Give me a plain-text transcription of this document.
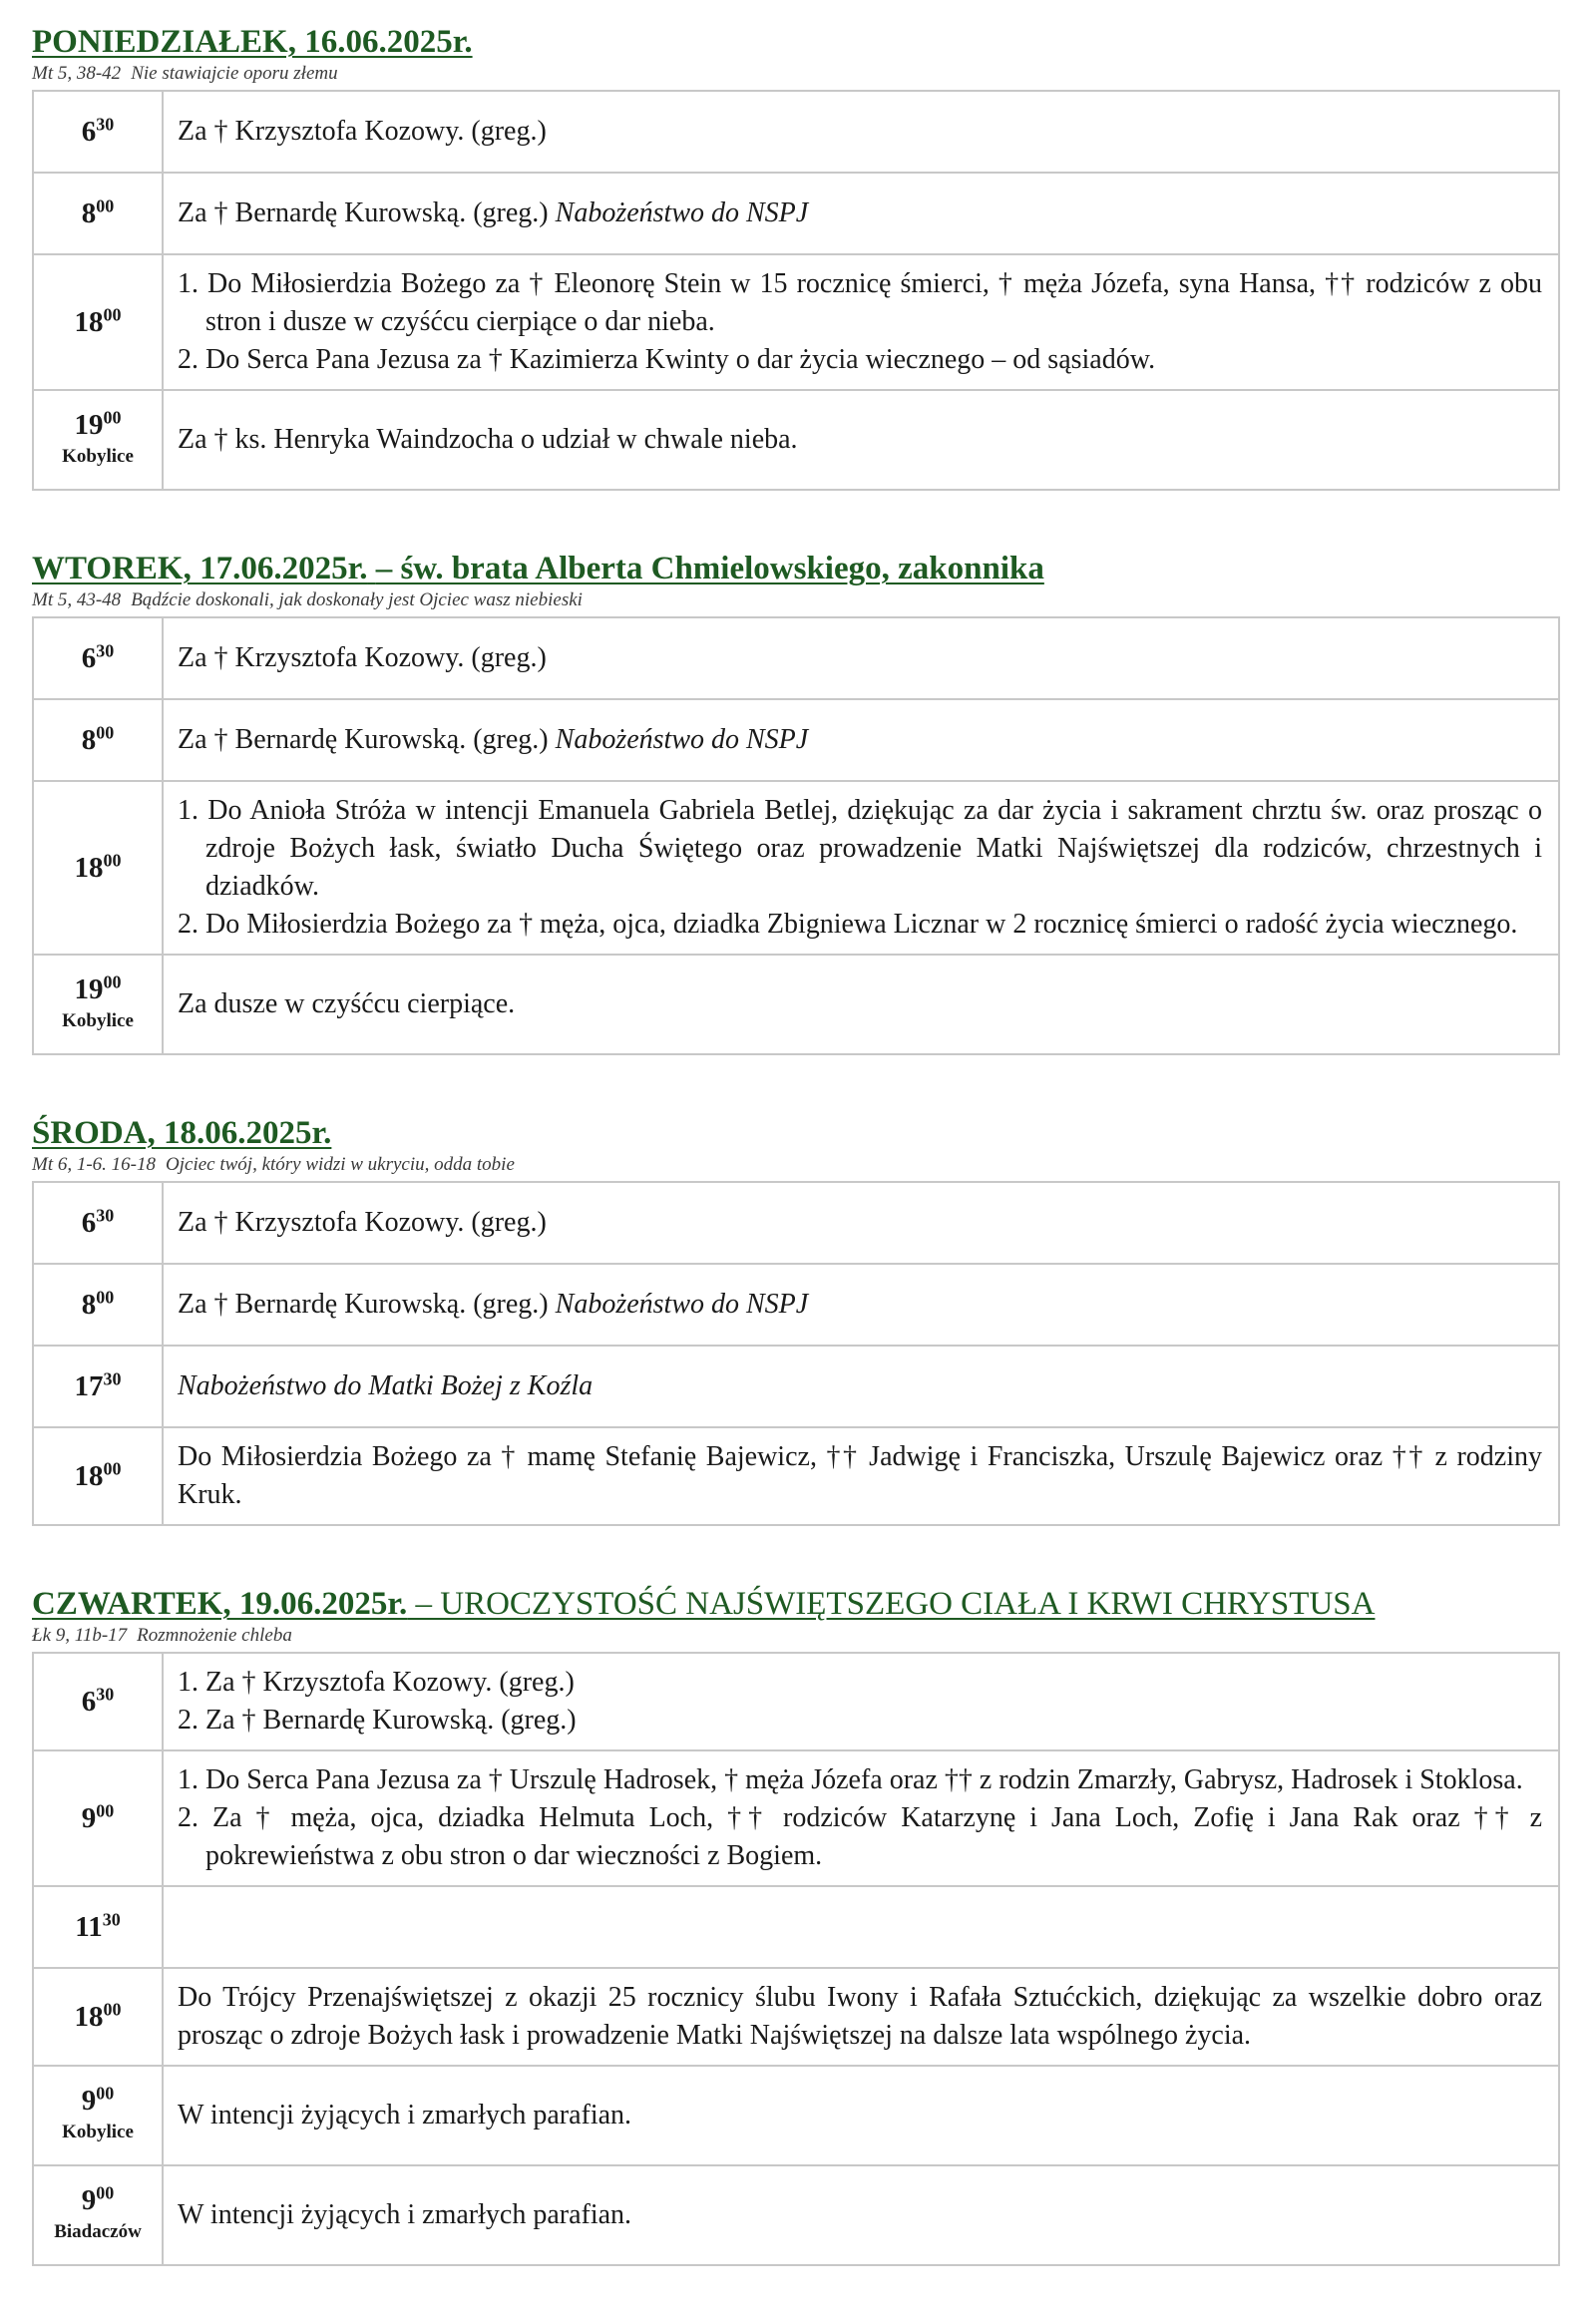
PONIEDZIAŁEK, 16.06.2025r.
Mt 5, 38-42 Nie stawiajcie oporu złemu
$6^{30}$	Za † Krzysztofa Kozowy. (greg.)
$8^{00}$	Za † Bernardę Kurowską. (greg.) Nabożeństwo do NSPJ
$18^{00}$	1. Do Miłosierdzia Bożego za † Eleonorę Stein w 15 rocznicę śmierci, † męża Józefa, syna Hansa, †† rodziców z obu stron i dusze w czyśćcu cierpiące o dar nieba.
2. Do Serca Pana Jezusa za † Kazimierza Kwinty o dar życia wiecznego – od sąsiadów.

$19^{00}$
Kobylice	Za † ks. Henryka Waindzocha o udział w chwale nieba.
WTOREK, 17.06.2025r. – św. brata Alberta Chmielowskiego, zakonnika
Mt 5, 43-48 Bądźcie doskonali, jak doskonały jest Ojciec wasz niebieski
$6^{30}$	Za † Krzysztofa Kozowy. (greg.)
$8^{00}$	Za † Bernardę Kurowską. (greg.) Nabożeństwo do NSPJ
$18^{00}$	1. Do Anioła Stróża w intencji Emanuela Gabriela Betlej, dziękując za dar życia i sakrament chrztu św. oraz prosząc o zdroje Bożych łask, światło Ducha Świętego oraz prowadzenie Matki Najświętszej dla rodziców, chrzestnych i dziadków.
2. Do Miłosierdzia Bożego za † męża, ojca, dziadka Zbigniewa Licznar w 2 rocznicę śmierci o radość życia wiecznego.

$19^{00}$
Kobylice	Za dusze w czyśćcu cierpiące.
ŚRODA, 18.06.2025r.
Mt 6, 1-6. 16-18 Ojciec twój, który widzi w ukryciu, odda tobie
$6^{30}$	Za † Krzysztofa Kozowy. (greg.)
$8^{00}$	Za † Bernardę Kurowską. (greg.) Nabożeństwo do NSPJ
$17^{30}$	Nabożeństwo do Matki Bożej z Koźla
$18^{00}$	Do Miłosierdzia Bożego za † mamę Stefanię Bajewicz, †† Jadwigę i Franciszka, Urszulę Bajewicz oraz †† z rodziny Kruk.
CZWARTEK, 19.06.2025r. – UROCZYSTOŚĆ NAJŚWIĘTSZEGO CIAŁA I KRWI CHRYSTUSA
Łk 9, 11b-17 Rozmnożenie chleba
$6^{30}$	1. Za † Krzysztofa Kozowy. (greg.)
2. Za † Bernardę Kurowską. (greg.)

$9^{00}$	1. Do Serca Pana Jezusa za † Urszulę Hadrosek, † męża Józefa oraz †† z rodzin Zmarzły, Gabrysz, Hadrosek i Stoklosa.
2. Za † męża, ojca, dziadka Helmuta Loch, †† rodziców Katarzynę i Jana Loch, Zofię i Jana Rak oraz †† z pokrewieństwa z obu stron o dar wieczności z Bogiem.

$11^{30}$	
$18^{00}$	Do Trójcy Przenajświętszej z okazji 25 rocznicy ślubu Iwony i Rafała Sztućckich, dziękując za wszelkie dobro oraz prosząc o zdroje Bożych łask i prowadzenie Matki Najświętszej na dalsze lata wspólnego życia.
$9^{00}$
Kobylice	W intencji żyjących i zmarłych parafian.
$9^{00}$
Biadaczów	W intencji żyjących i zmarłych parafian.
